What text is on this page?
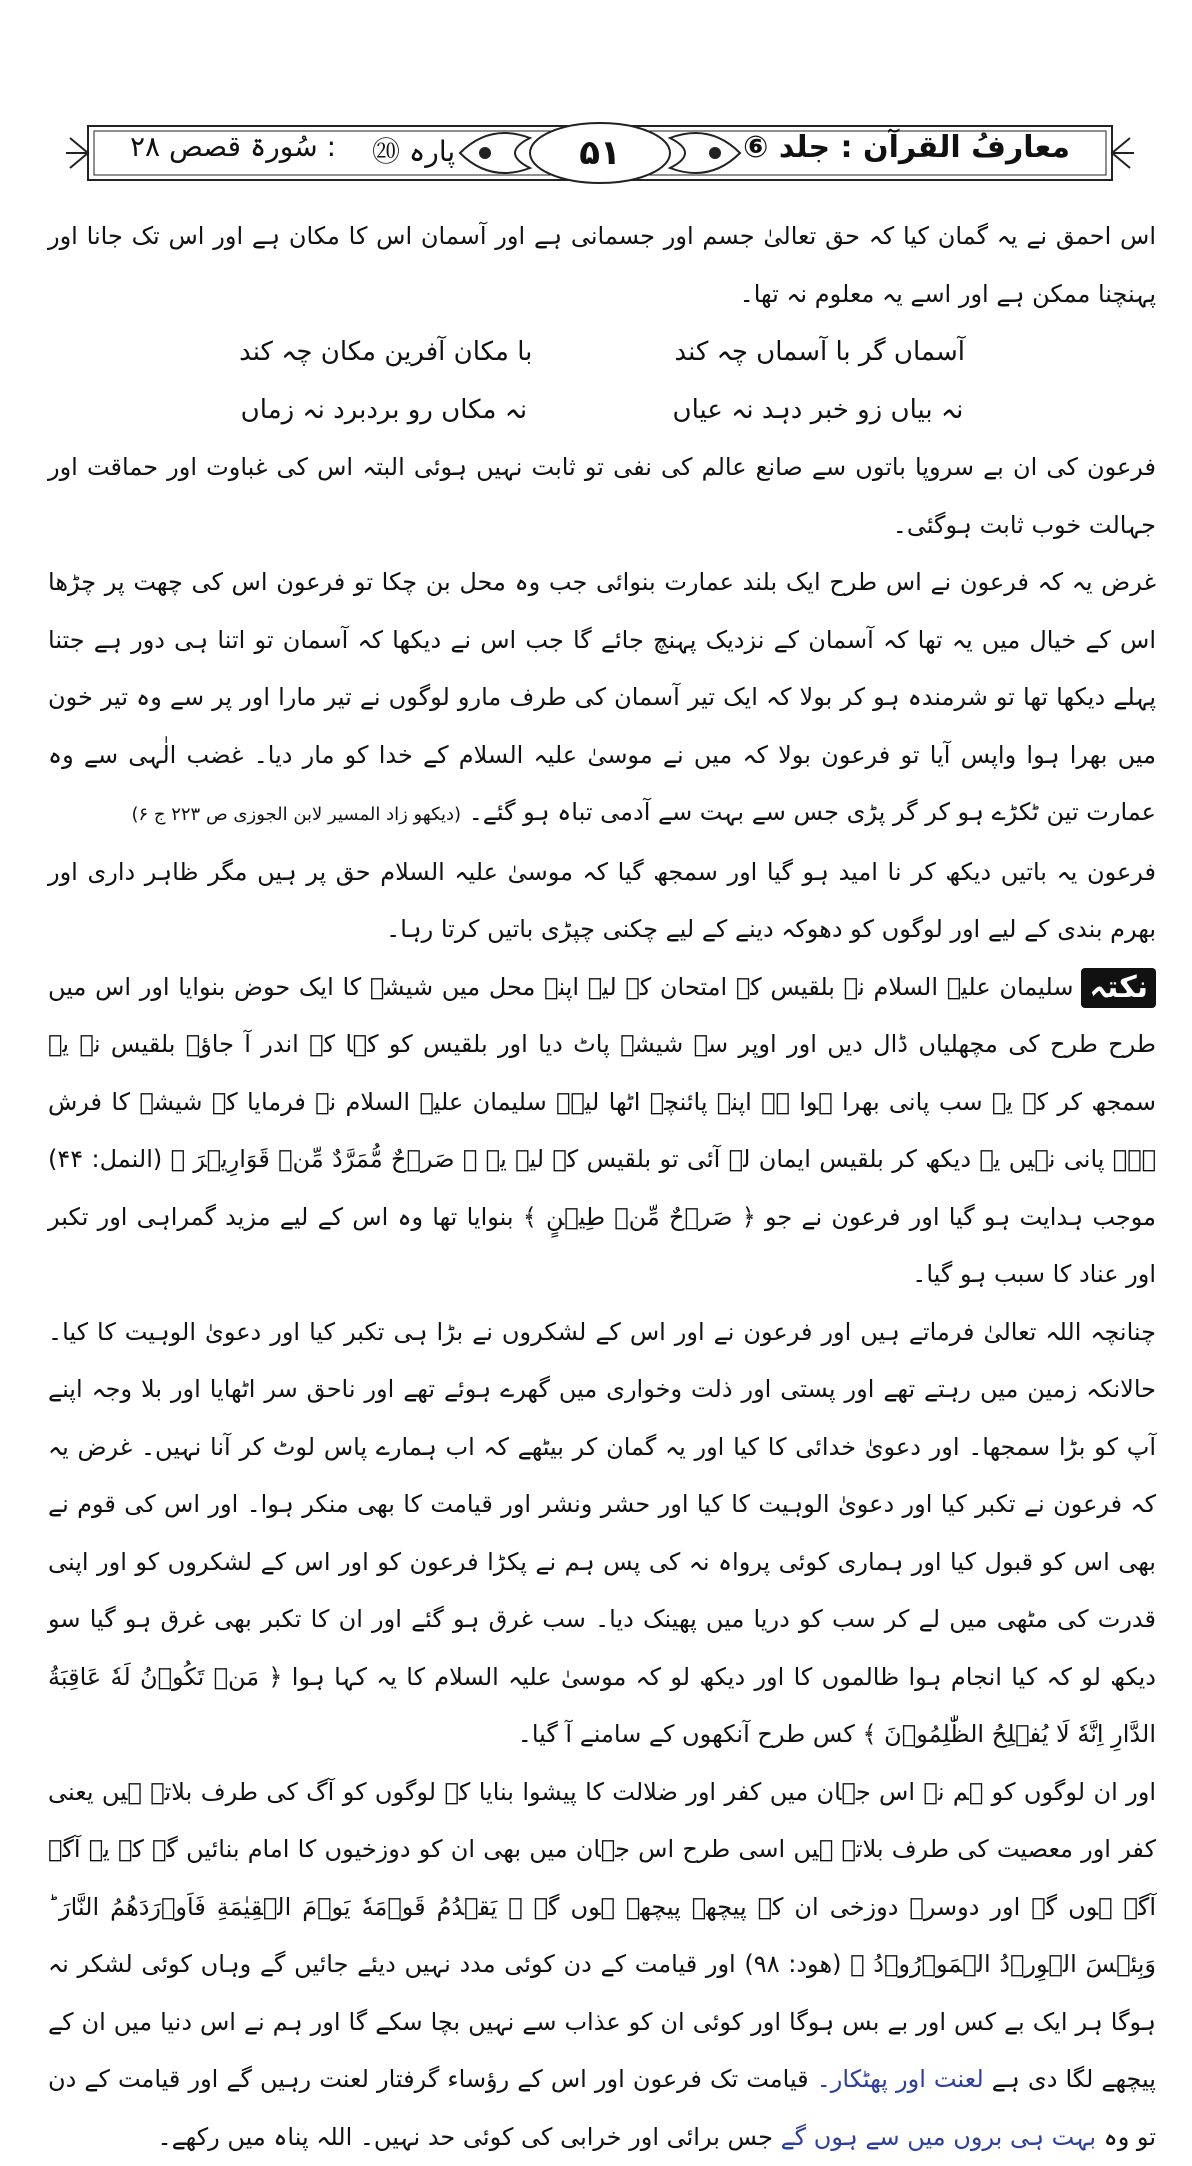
معارفُ القرآن : جلد ⑥
۵۱
پارہ ⑳
: سُورۃ قصص ۲۸

اس احمق نے یہ گمان کیا کہ حق تعالیٰ جسم اور جسمانی ہے اور آسمان اس کا مکان ہے اور اس تک جانا اور پہنچنا ممکن ہے اور اسے یہ معلوم نہ تھا۔

آسماں گر با آسماں چہ کند
با مکان آفرین مکان چہ کند
نہ بیاں زو خبر دہد نہ عیاں
نہ مکاں رو بردبرد نہ زماں

فرعون کی ان بے سروپا باتوں سے صانع عالم کی نفی تو ثابت نہیں ہوئی البتہ اس کی غباوت اور حماقت اور جہالت خوب ثابت ہوگئی۔

غرض یہ کہ فرعون نے اس طرح ایک بلند عمارت بنوائی جب وہ محل بن چکا تو فرعون اس کی چھت پر چڑھا اس کے خیال میں یہ تھا کہ آسمان کے نزدیک پہنچ جائے گا جب اس نے دیکھا کہ آسمان تو اتنا ہی دور ہے جتنا پہلے دیکھا تھا تو شرمندہ ہو کر بولا کہ ایک تیر آسمان کی طرف مارو لوگوں نے تیر مارا اور پر سے وہ تیر خون میں بھرا ہوا واپس آیا تو فرعون بولا کہ میں نے موسیٰ علیہ السلام کے خدا کو مار دیا۔ غضب الٰہی سے وہ عمارت تین ٹکڑے ہو کر گر پڑی جس سے بہت سے آدمی تباہ ہو گئے۔ (دیکھو زاد المسیر لابن الجوزی ص ۲۲۳ ج ۶)

فرعون یہ باتیں دیکھ کر نا امید ہو گیا اور سمجھ گیا کہ موسیٰ علیہ السلام حق پر ہیں مگر ظاہر داری اور بھرم بندی کے لیے اور لوگوں کو دھوکہ دینے کے لیے چکنی چپڑی باتیں کرتا رہا۔

نکتہسلیمان علیہ السلام نے بلقیس کے امتحان کے لیے اپنے محل میں شیشہ کا ایک حوض بنوایا اور اس میں طرح طرح کی مچھلیاں ڈال دیں اور اوپر سے شیشہ پاٹ دیا اور بلقیس کو کہا کہ اندر آ جاؤ۔ بلقیس نے یہ سمجھ کر کہ یہ سب پانی بھرا ہوا ہے اپنے پائنچے اٹھا لیے۔ سلیمان علیہ السلام نے فرمایا کہ شیشہ کا فرش ہے۔ پانی نہیں یہ دیکھ کر بلقیس ایمان لے آئی تو بلقیس کے لیے یہ ﴿ صَرۡحٌ مُّمَرَّدٌ مِّنۡ قَوَارِيۡرَ ﴾ (النمل: ۴۴) موجب ہدایت ہو گیا اور فرعون نے جو ﴿ صَرۡحٌ مِّنۡ طِيۡنٍ ﴾ بنوایا تھا وہ اس کے لیے مزید گمراہی اور تکبر اور عناد کا سبب ہو گیا۔

چنانچہ اللہ تعالیٰ فرماتے ہیں اور فرعون نے اور اس کے لشکروں نے بڑا ہی تکبر کیا اور دعویٰ الوہیت کا کیا۔ حالانکہ زمین میں رہتے تھے اور پستی اور ذلت وخواری میں گھرے ہوئے تھے اور ناحق سر اٹھایا اور بلا وجہ اپنے آپ کو بڑا سمجھا۔ اور دعویٰ خدائی کا کیا اور یہ گمان کر بیٹھے کہ اب ہمارے پاس لوٹ کر آنا نہیں۔ غرض یہ کہ فرعون نے تکبر کیا اور دعویٰ الوہیت کا کیا اور حشر ونشر اور قیامت کا بھی منکر ہوا۔ اور اس کی قوم نے بھی اس کو قبول کیا اور ہماری کوئی پرواہ نہ کی پس ہم نے پکڑا فرعون کو اور اس کے لشکروں کو اور اپنی قدرت کی مٹھی میں لے کر سب کو دریا میں پھینک دیا۔ سب غرق ہو گئے اور ان کا تکبر بھی غرق ہو گیا سو دیکھ لو کہ کیا انجام ہوا ظالموں کا اور دیکھ لو کہ موسیٰ علیہ السلام کا یہ کہا ہوا ﴿ مَنۡ تَكُوۡنُ لَهٗ عَاقِبَةُ الدَّارِ اِنَّهٗ لَا يُفۡلِحُ الظّٰلِمُوۡنَ ﴾ کس طرح آنکھوں کے سامنے آ گیا۔

اور ان لوگوں کو ہم نے اس جہان میں کفر اور ضلالت کا پیشوا بنایا کہ لوگوں کو آگ کی طرف بلاتے ہیں یعنی کفر اور معصیت کی طرف بلاتے ہیں اسی طرح اس جہان میں بھی ان کو دوزخیوں کا امام بنائیں گے کہ یہ آگے آگے ہوں گے اور دوسرے دوزخی ان کے پیچھے پیچھے ہوں گے ﴿ يَقۡدُمُ قَوۡمَهٗ يَوۡمَ الۡقِيٰمَةِ فَاَوۡرَدَهُمُ النَّارَ ؕ وَبِئۡسَ الۡوِرۡدُ الۡمَوۡرُوۡدُ ﴾ (ھود: ۹۸) اور قیامت کے دن کوئی مدد نہیں دیئے جائیں گے وہاں کوئی لشکر نہ ہوگا ہر ایک بے کس اور بے بس ہوگا اور کوئی ان کو عذاب سے نہیں بچا سکے گا اور ہم نے اس دنیا میں ان کے پیچھے لگا دی ہے لعنت اور پھٹکار۔ قیامت تک فرعون اور اس کے رؤساء گرفتار لعنت رہیں گے اور قیامت کے دن تو وہ بہت ہی بروں میں سے ہوں گے جس برائی اور خرابی کی کوئی حد نہیں۔ اللہ پناہ میں رکھے۔
